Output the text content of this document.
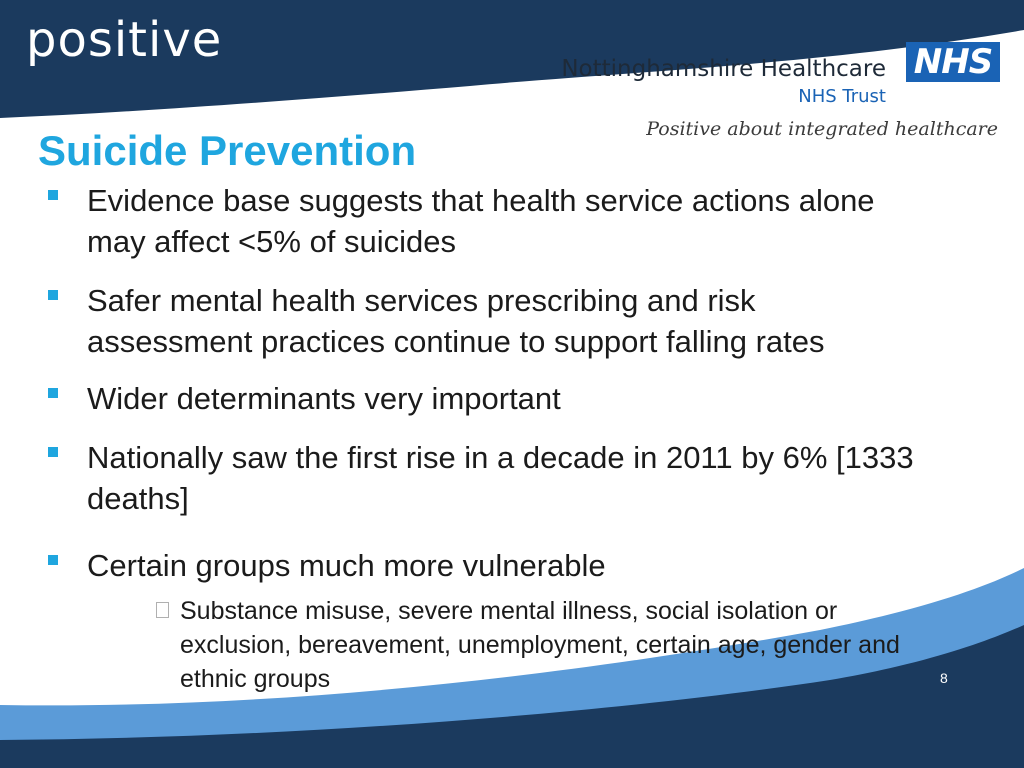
positive
Nottinghamshire Healthcare
NHS Trust
NHS
Positive about integrated healthcare
Suicide Prevention
Evidence base suggests that health service actions alone may affect <5% of suicides
Safer mental health services prescribing and risk assessment practices continue to support falling rates
Wider determinants very important
Nationally saw the first rise in a decade in 2011 by 6% [1333 deaths]
Certain groups much more vulnerable
Substance misuse, severe mental illness, social isolation or exclusion, bereavement, unemployment, certain age, gender and ethnic groups	8
